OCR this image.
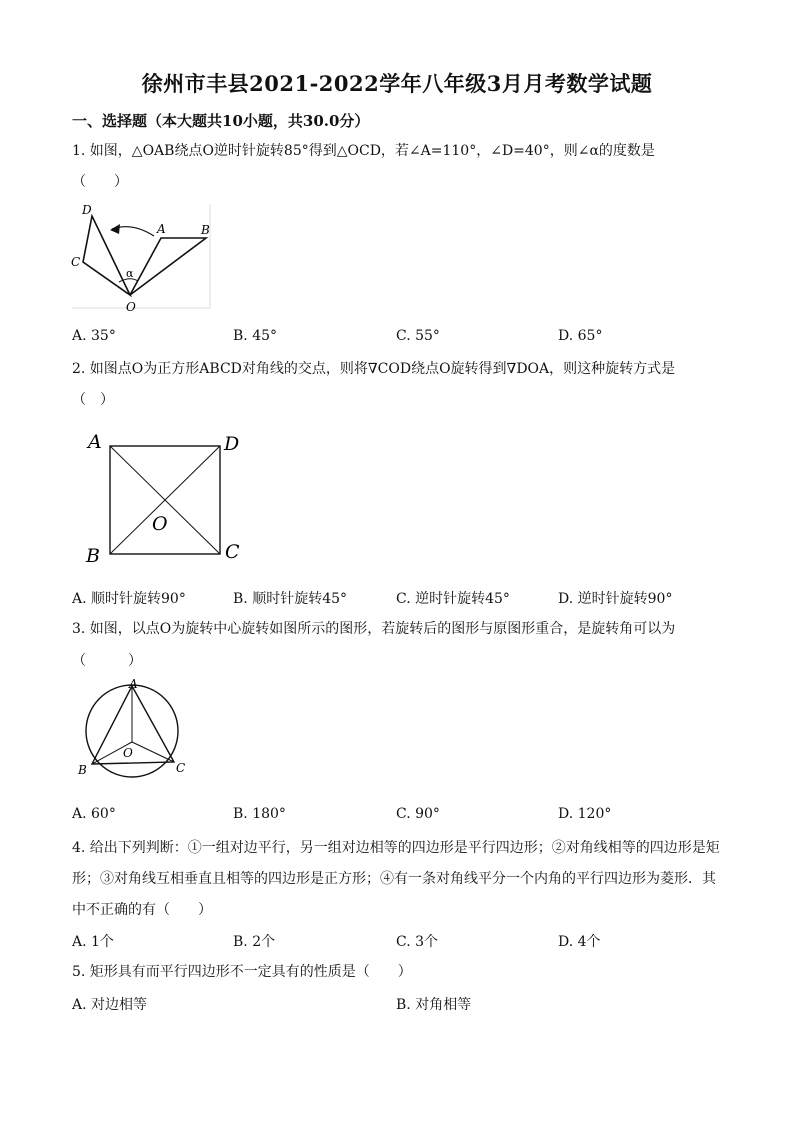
徐州市丰县2021-2022学年八年级3月月考数学试题
一、选择题（本大题共10小题，共30.0分）
1. 如图，△OAB绕点O逆时针旋转85°得到△OCD，若∠A=110°，∠D=40°，则∠α的度数是
（　　）
D
A	B
C
O
α
A. 35°	B. 45°	C. 55°	D. 65°
2. 如图点O为正方形ABCD对角线的交点，则将∇COD绕点O旋转得到∇DOA，则这种旋转方式是
（　）
A	D
B	C
O
A. 顺时针旋转90°	B. 顺时针旋转45°	C. 逆时针旋转45°	D. 逆时针旋转90°
3. 如图，以点O为旋转中心旋转如图所示的图形，若旋转后的图形与原图形重合，是旋转角可以为
（　　　）
A
B	C
O
A. 60°	B. 180°	C. 90°	D. 120°
4. 给出下列判断：①一组对边平行，另一组对边相等的四边形是平行四边形；②对角线相等的四边形是矩
形；③对角线互相垂直且相等的四边形是正方形；④有一条对角线平分一个内角的平行四边形为菱形．其
中不正确的有（　　）
A. 1个	B. 2个	C. 3个	D. 4个
5. 矩形具有而平行四边形不一定具有的性质是（　　）
A. 对边相等	B. 对角相等
